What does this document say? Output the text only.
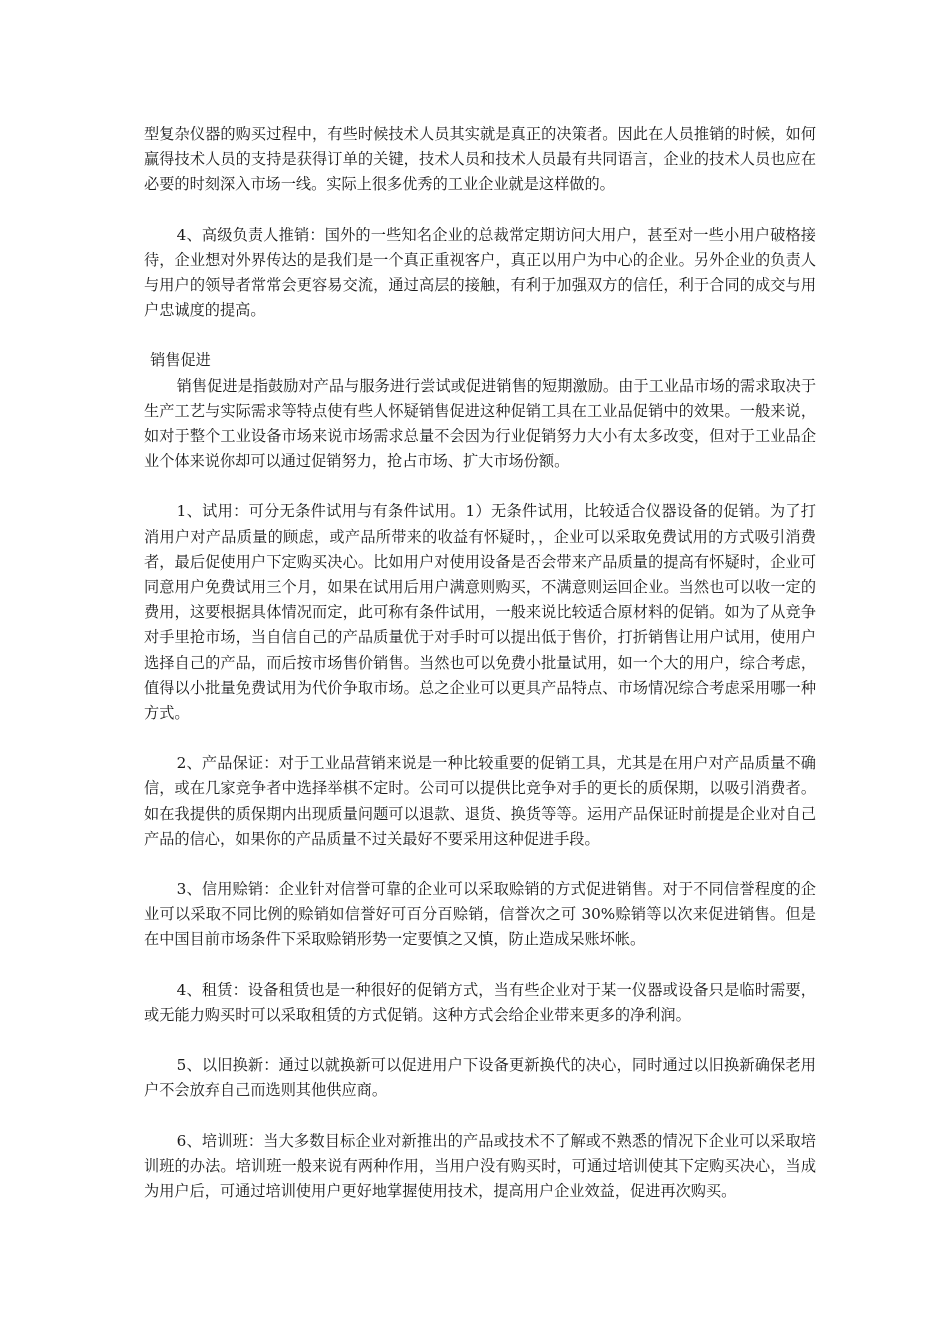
型复杂仪器的购买过程中，有些时候技术人员其实就是真正的决策者。因此在人员推销的时候，如何赢得技术人员的支持是获得订单的关键，技术人员和技术人员最有共同语言，企业的技术人员也应在必要的时刻深入市场一线。实际上很多优秀的工业企业就是这样做的。

4、高级负责人推销：国外的一些知名企业的总裁常定期访问大用户，甚至对一些小用户破格接待，企业想对外界传达的是我们是一个真正重视客户，真正以用户为中心的企业。另外企业的负责人与用户的领导者常常会更容易交流，通过高层的接触，有利于加强双方的信任，利于合同的成交与用户忠诚度的提高。

销售促进

销售促进是指鼓励对产品与服务进行尝试或促进销售的短期激励。由于工业品市场的需求取决于生产工艺与实际需求等特点使有些人怀疑销售促进这种促销工具在工业品促销中的效果。一般来说，如对于整个工业设备市场来说市场需求总量不会因为行业促销努力大小有太多改变，但对于工业品企业个体来说你却可以通过促销努力，抢占市场、扩大市场份额。

1、试用：可分无条件试用与有条件试用。1）无条件试用，比较适合仪器设备的促销。为了打消用户对产品质量的顾虑，或产品所带来的收益有怀疑时，，企业可以采取免费试用的方式吸引消费者，最后促使用户下定购买决心。比如用户对使用设备是否会带来产品质量的提高有怀疑时，企业可同意用户免费试用三个月，如果在试用后用户满意则购买，不满意则运回企业。当然也可以收一定的费用，这要根据具体情况而定，此可称有条件试用，一般来说比较适合原材料的促销。如为了从竞争对手里抢市场，当自信自己的产品质量优于对手时可以提出低于售价，打折销售让用户试用，使用户选择自己的产品，而后按市场售价销售。当然也可以免费小批量试用，如一个大的用户，综合考虑，值得以小批量免费试用为代价争取市场。总之企业可以更具产品特点、市场情况综合考虑采用哪一种方式。

2、产品保证：对于工业品营销来说是一种比较重要的促销工具，尤其是在用户对产品质量不确信，或在几家竞争者中选择举棋不定时。公司可以提供比竞争对手的更长的质保期，以吸引消费者。如在我提供的质保期内出现质量问题可以退款、退货、换货等等。运用产品保证时前提是企业对自己产品的信心，如果你的产品质量不过关最好不要采用这种促进手段。

3、信用赊销：企业针对信誉可靠的企业可以采取赊销的方式促进销售。对于不同信誉程度的企业可以采取不同比例的赊销如信誉好可百分百赊销，信誉次之可 30%赊销等以次来促进销售。但是在中国目前市场条件下采取赊销形势一定要慎之又慎，防止造成呆账坏帐。

4、租赁：设备租赁也是一种很好的促销方式，当有些企业对于某一仪器或设备只是临时需要，或无能力购买时可以采取租赁的方式促销。这种方式会给企业带来更多的净利润。

5、以旧换新：通过以就换新可以促进用户下设备更新换代的决心，同时通过以旧换新确保老用户不会放弃自己而选则其他供应商。

6、培训班：当大多数目标企业对新推出的产品或技术不了解或不熟悉的情况下企业可以采取培训班的办法。培训班一般来说有两种作用，当用户没有购买时，可通过培训使其下定购买决心，当成为用户后，可通过培训使用户更好地掌握使用技术，提高用户企业效益，促进再次购买。
